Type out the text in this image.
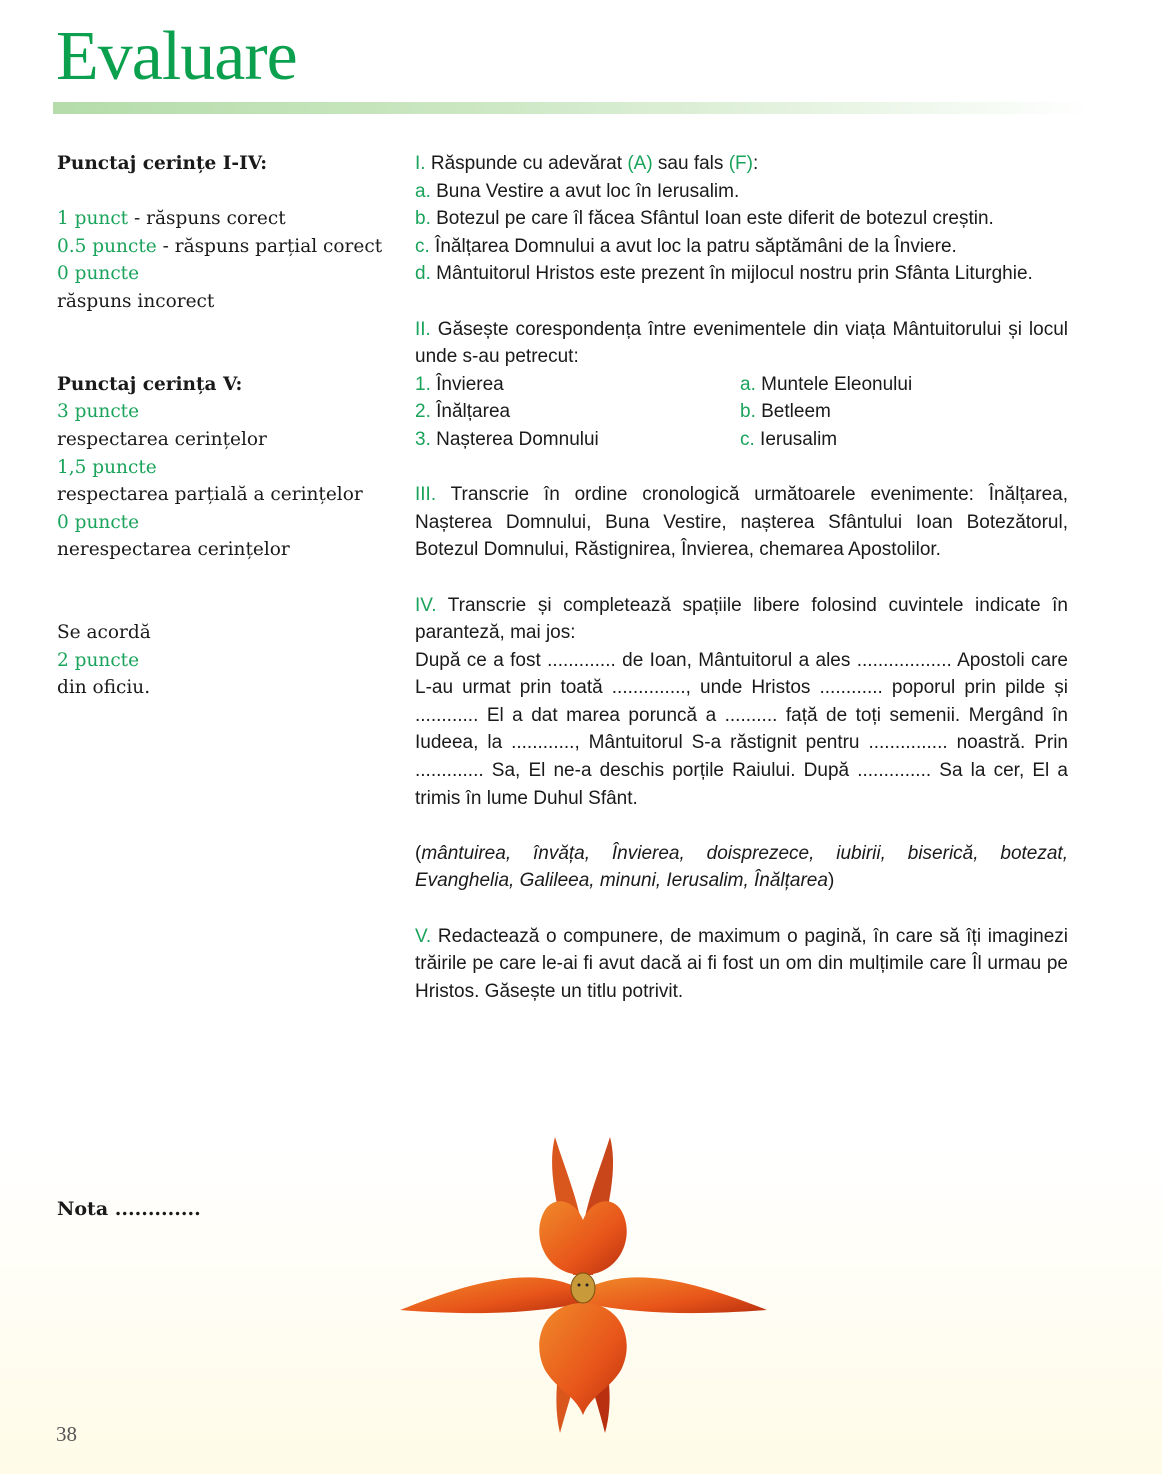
Evaluare
Punctaj cerințe I-IV:
1 punct - răspuns corect
0.5 puncte - răspuns parțial corect
0 puncte
răspuns incorect
Punctaj cerința V:
3 puncte
respectarea cerințelor
1,5 puncte
respectarea parțială a cerințelor
0 puncte
nerespectarea cerințelor
Se acordă
2 puncte
din oficiu.
Nota .............

I. Răspunde cu adevărat (A) sau fals (F):

a. Buna Vestire a avut loc în Ierusalim.

b. Botezul pe care îl făcea Sfântul Ioan este diferit de botezul creștin.

c. Înălțarea Domnului a avut loc la patru săptămâni de la Înviere.

d. Mântuitorul Hristos este prezent în mijlocul nostru prin Sfânta Liturghie.

II. Găsește corespondența între evenimentele din viața Mântuitorului și locul unde s-au petrecut:

1. Învierea	a. Muntele Eleonului
2. Înălțarea	b. Betleem
3. Nașterea Domnului	c. Ierusalim

III. Transcrie în ordine cronologică următoarele evenimente: Înălțarea, Nașterea Domnului, Buna Vestire, nașterea Sfântului Ioan Botezătorul, Botezul Domnului, Răstignirea, Învierea, chemarea Apostolilor.

IV. Transcrie și completează spațiile libere folosind cuvintele indicate în paranteză, mai jos:

După ce a fost ............. de Ioan, Mântuitorul a ales .................. Apostoli care L-au urmat prin toată .............., unde Hristos ............ poporul prin pilde și ............ El a dat marea poruncă a .......... față de toți semenii. Mergând în Iudeea, la ............, Mântuitorul S-a răstignit pentru ............... noastră. Prin ............. Sa, El ne-a deschis porțile Raiului. După .............. Sa la cer, El a trimis în lume Duhul Sfânt.

(mântuirea, învăța, Învierea, doisprezece, iubirii, biserică, botezat, Evanghelia, Galileea, minuni, Ierusalim, Înălțarea)

V. Redactează o compunere, de maximum o pagină, în care să îți imaginezi trăirile pe care le-ai fi avut dacă ai fi fost un om din mulțimile care Îl urmau pe Hristos. Găsește un titlu potrivit.

38
